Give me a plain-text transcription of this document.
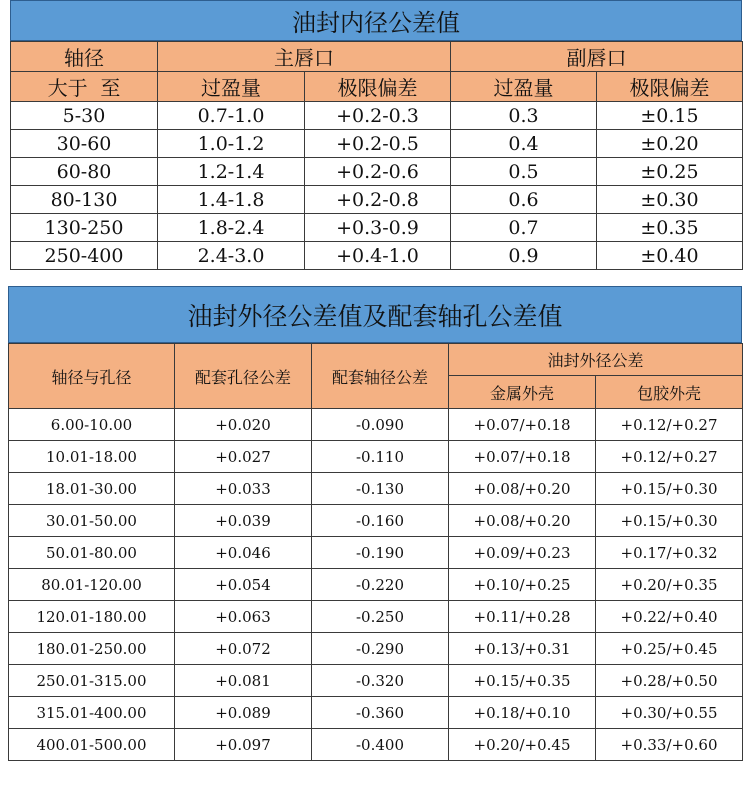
油封内径公差值
轴径	主唇口		副唇口	
大于  至	过盈量	极限偏差	过盈量	极限偏差
5-30	0.7-1.0	+0.2-0.3	0.3	±0.15
30-60	1.0-1.2	+0.2-0.5	0.4	±0.20
60-80	1.2-1.4	+0.2-0.6	0.5	±0.25
80-130	1.4-1.8	+0.2-0.8	0.6	±0.30
130-250	1.8-2.4	+0.3-0.9	0.7	±0.35
250-400	2.4-3.0	+0.4-1.0	0.9	±0.40
油封外径公差值及配套轴孔公差值
轴径与孔径	配套孔径公差	配套轴径公差	油封外径公差	
			金属外壳	包胶外壳
6.00-10.00	+0.020	-0.090	+0.07/+0.18	+0.12/+0.27
10.01-18.00	+0.027	-0.110	+0.07/+0.18	+0.12/+0.27
18.01-30.00	+0.033	-0.130	+0.08/+0.20	+0.15/+0.30
30.01-50.00	+0.039	-0.160	+0.08/+0.20	+0.15/+0.30
50.01-80.00	+0.046	-0.190	+0.09/+0.23	+0.17/+0.32
80.01-120.00	+0.054	-0.220	+0.10/+0.25	+0.20/+0.35
120.01-180.00	+0.063	-0.250	+0.11/+0.28	+0.22/+0.40
180.01-250.00	+0.072	-0.290	+0.13/+0.31	+0.25/+0.45
250.01-315.00	+0.081	-0.320	+0.15/+0.35	+0.28/+0.50
315.01-400.00	+0.089	-0.360	+0.18/+0.10	+0.30/+0.55
400.01-500.00	+0.097	-0.400	+0.20/+0.45	+0.33/+0.60
